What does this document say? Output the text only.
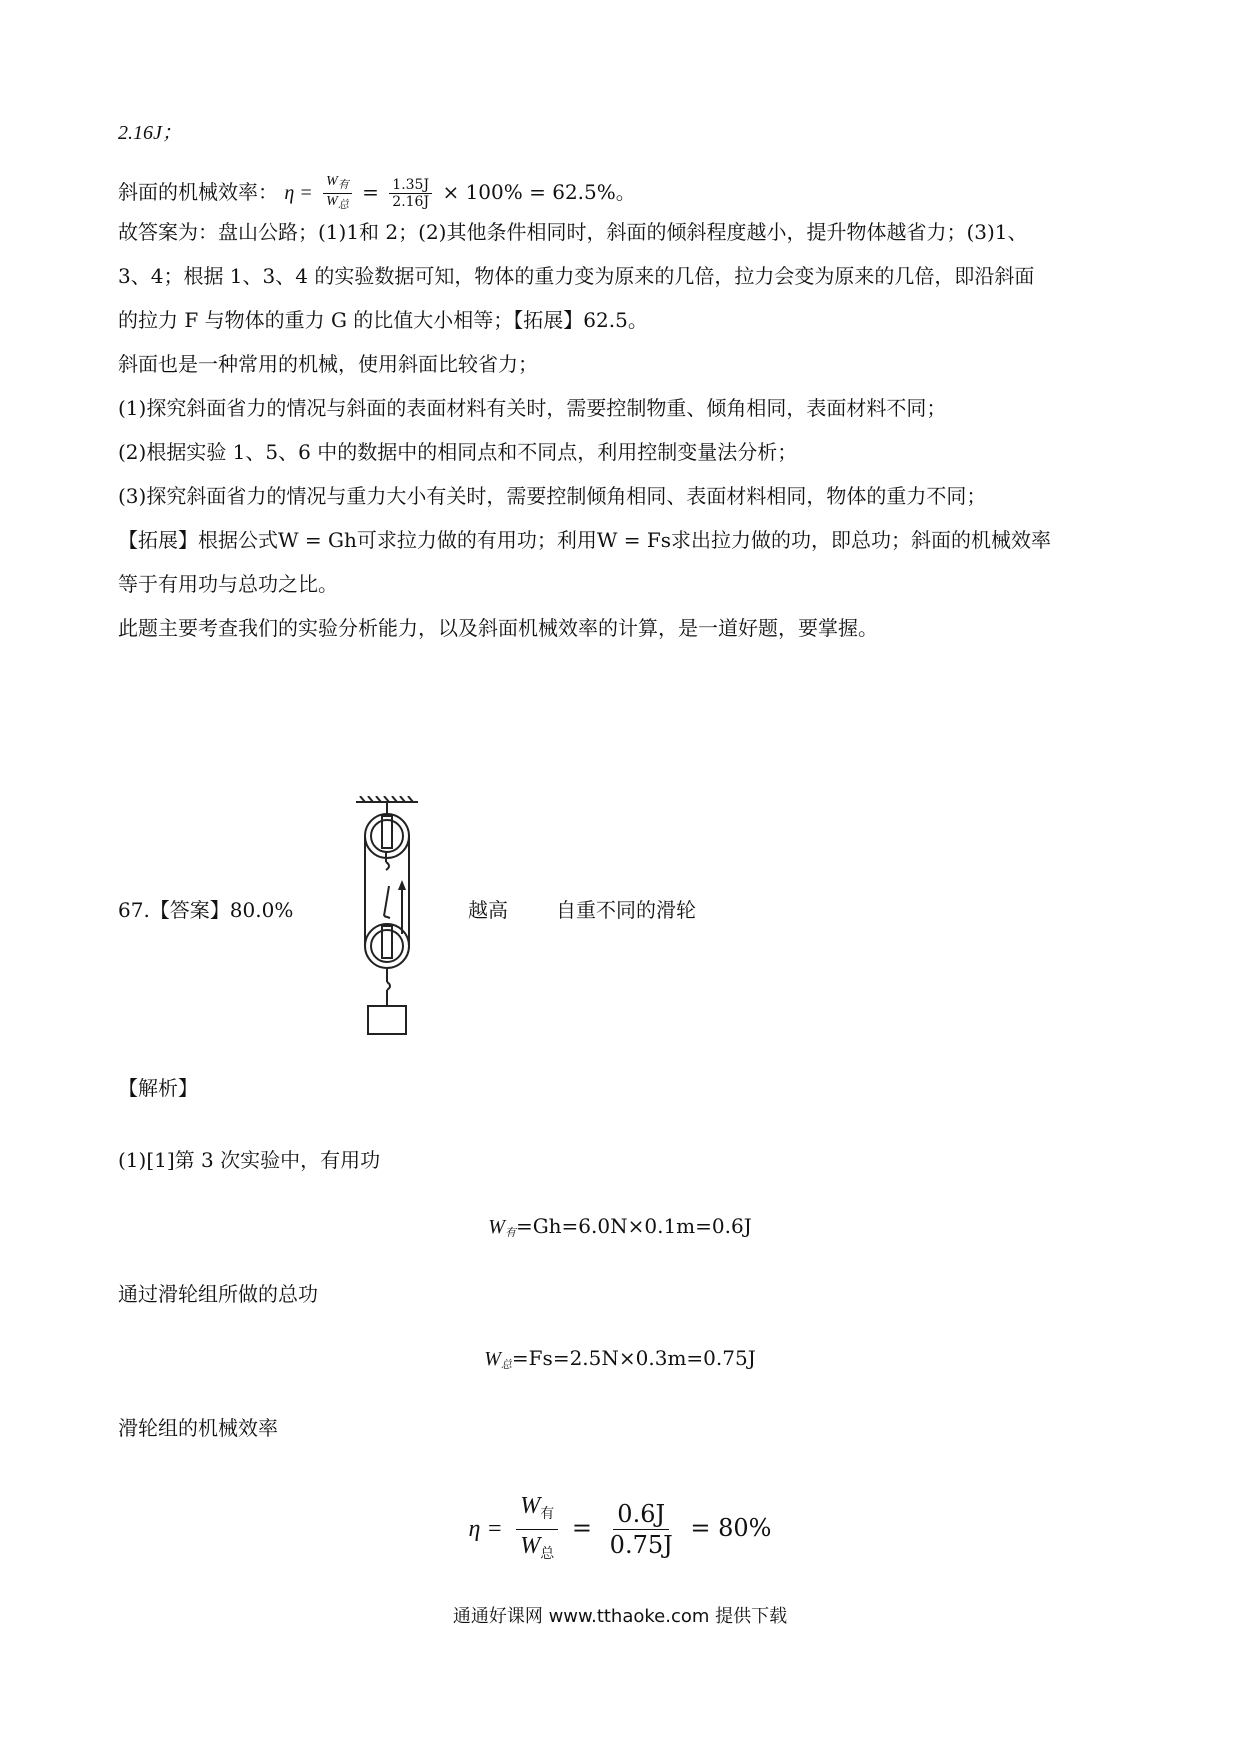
2.16J；
斜面的机械效率： $\eta = \frac{W_有}{W_总} = \frac{1.35J}{2.16J} \times 100\% = 62.5\%$。
故答案为：盘山公路；(1)1和 2；(2)其他条件相同时，斜面的倾斜程度越小，提升物体越省力；(3)1、
3、4；根据 1、3、4 的实验数据可知，物体的重力变为原来的几倍，拉力会变为原来的几倍，即沿斜面
的拉力 F 与物体的重力 G 的比值大小相等；【拓展】62.5。
斜面也是一种常用的机械，使用斜面比较省力；
(1)探究斜面省力的情况与斜面的表面材料有关时，需要控制物重、倾角相同，表面材料不同；
(2)根据实验 1、5、6 中的数据中的相同点和不同点，利用控制变量法分析；
(3)探究斜面省力的情况与重力大小有关时，需要控制倾角相同、表面材料相同，物体的重力不同；
【拓展】根据公式W = Gh可求拉力做的有用功；利用W = Fs求出拉力做的功，即总功；斜面的机械效率
等于有用功与总功之比。
此题主要考查我们的实验分析能力，以及斜面机械效率的计算，是一道好题，要掌握。
67.【答案】80.0%	越高 自重不同的滑轮
【解析】
(1)[1]第 3 次实验中，有用功
$W_有=Gh=6.0N\times 0.1m=0.6J$
通过滑轮组所做的总功
$W_总=Fs=2.5N\times 0.3m=0.75J$
滑轮组的机械效率
$\eta = \frac{W_有}{W_总} = \frac{0.6J}{0.75J} = 80\%$
通通好课网 www.tthaoke.com 提供下载
